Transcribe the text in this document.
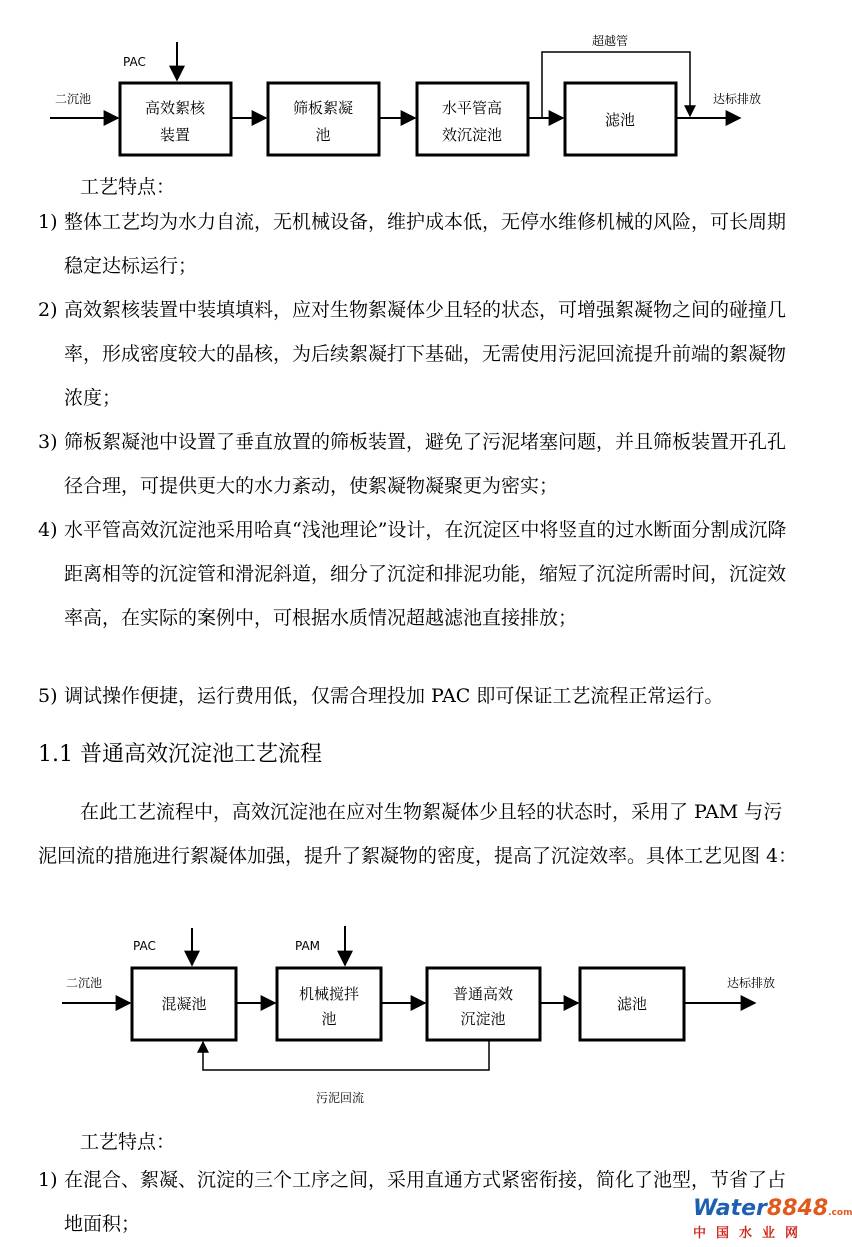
PAC
二沉池	高效絮核
装置
筛板絮凝
池
水平管高
效沉淀池
滤池
达标排放
超越管
工艺特点：
1) 整体工艺均为水力自流，无机械设备，维护成本低，无停水维修机械的风险，可长周期稳定达标运行；
2) 高效絮核装置中装填填料，应对生物絮凝体少且轻的状态，可增强絮凝物之间的碰撞几率，形成密度较大的晶核，为后续絮凝打下基础，无需使用污泥回流提升前端的絮凝物浓度；
3) 筛板絮凝池中设置了垂直放置的筛板装置，避免了污泥堵塞问题，并且筛板装置开孔孔径合理，可提供更大的水力紊动，使絮凝物凝聚更为密实；
4) 水平管高效沉淀池采用哈真“浅池理论”设计，在沉淀区中将竖直的过水断面分割成沉降距离相等的沉淀管和滑泥斜道，细分了沉淀和排泥功能，缩短了沉淀所需时间，沉淀效率高，在实际的案例中，可根据水质情况超越滤池直接排放；
5) 调试操作便捷，运行费用低，仅需合理投加 PAC 即可保证工艺流程正常运行。
1.1 普通高效沉淀池工艺流程
在此工艺流程中，高效沉淀池在应对生物絮凝体少且轻的状态时，采用了 PAM 与污泥回流的措施进行絮凝体加强，提升了絮凝物的密度，提高了沉淀效率。具体工艺见图 4：
PAC	PAM
二沉池
混凝池
机械搅拌
池
普通高效
沉淀池
滤池
达标排放
污泥回流
工艺特点：
1) 在混合、絮凝、沉淀的三个工序之间，采用直通方式紧密衔接，简化了池型，节省了占地面积；
Water8848.com
中国水业网
